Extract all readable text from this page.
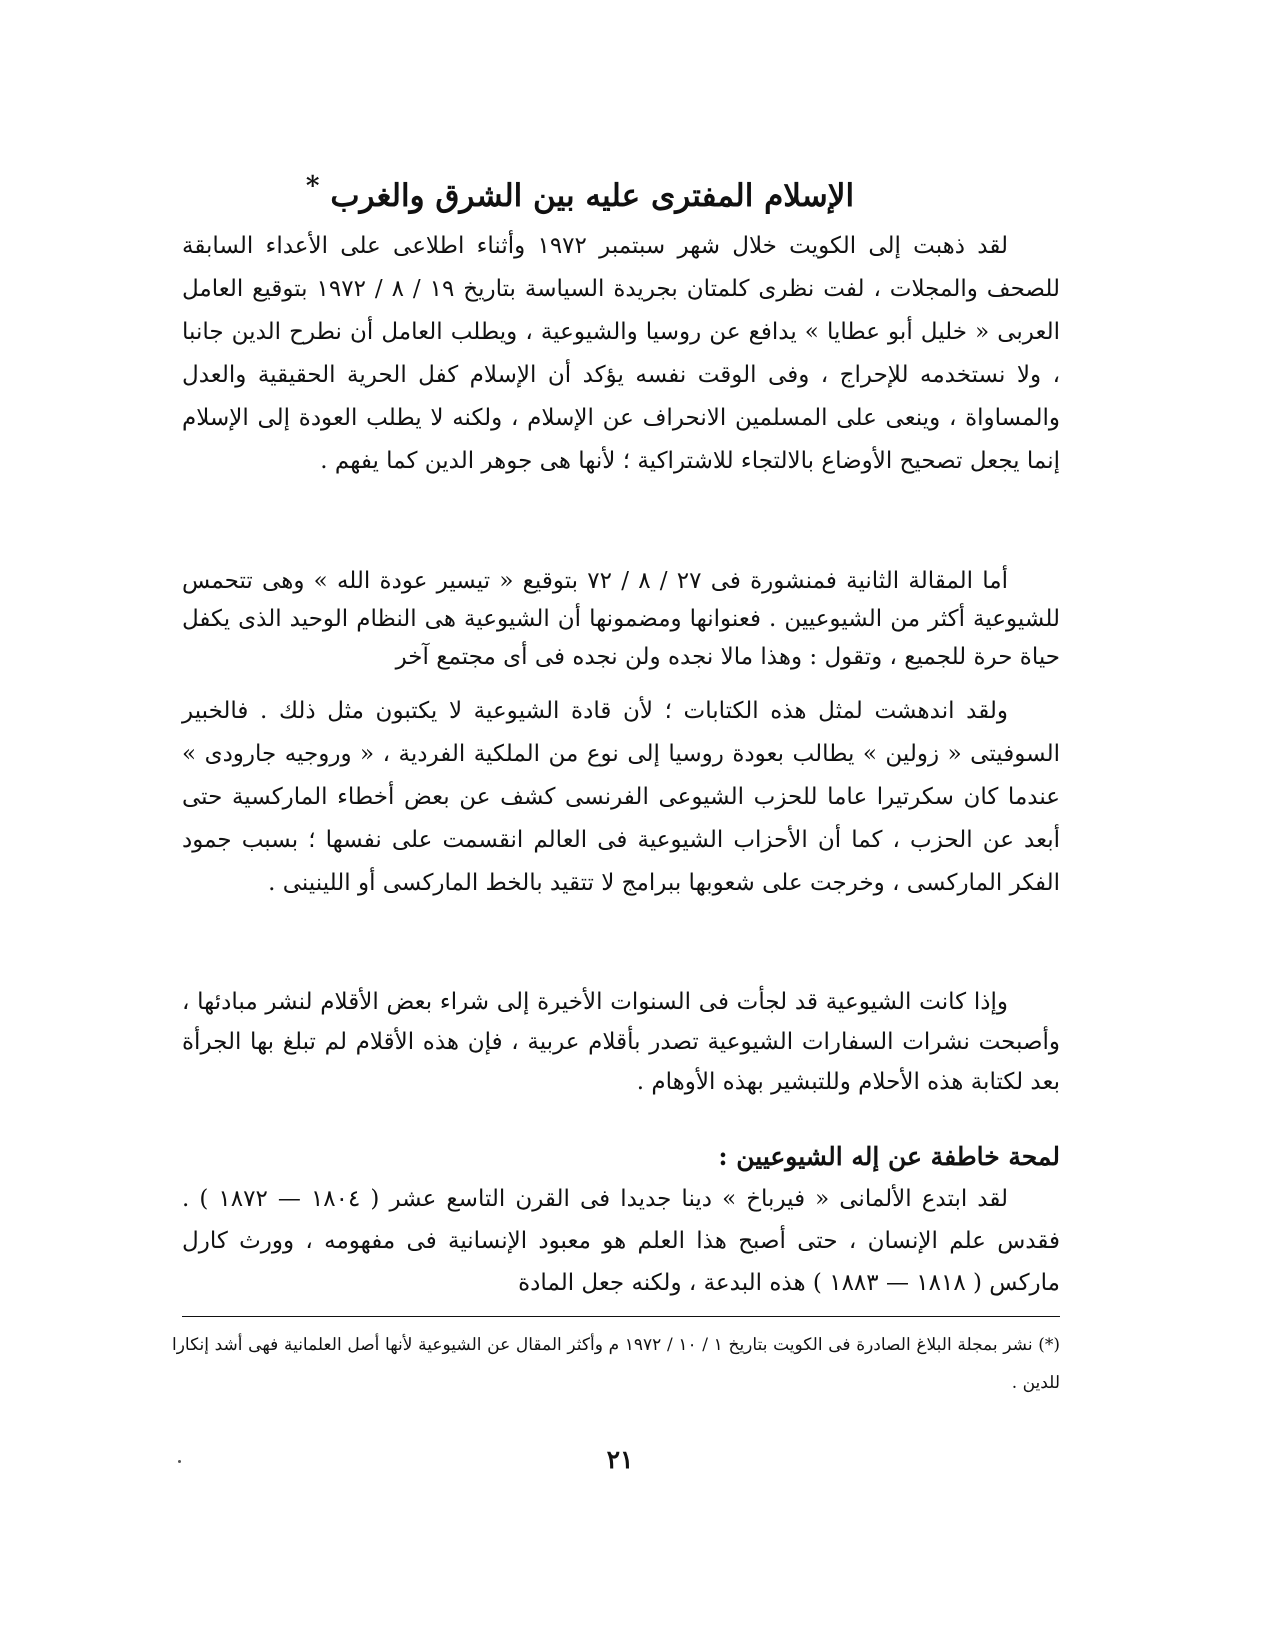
الإسلام المفترى عليه بين الشرق والغرب *

لقد ذهبت إلى الكويت خلال شهر سبتمبر ١٩٧٢ وأثناء اطلاعى على الأعداء السابقة للصحف والمجلات ، لفت نظرى كلمتان بجريدة السياسة بتاريخ ١٩ / ٨ / ١٩٧٢ بتوقيع العامل العربى « خليل أبو عطايا » يدافع عن روسيا والشيوعية ، ويطلب العامل أن نطرح الدين جانبا ، ولا نستخدمه للإحراج ، وفى الوقت نفسه يؤكد أن الإسلام كفل الحرية الحقيقية والعدل والمساواة ، وينعى على المسلمين الانحراف عن الإسلام ، ولكنه لا يطلب العودة إلى الإسلام إنما يجعل تصحيح الأوضاع بالالتجاء للاشتراكية ؛ لأنها هى جوهر الدين كما يفهم .

أما المقالة الثانية فمنشورة فى ٢٧ / ٨ / ٧٢ بتوقيع « تيسير عودة الله » وهى تتحمس للشيوعية أكثر من الشيوعيين . فعنوانها ومضمونها أن الشيوعية هى النظام الوحيد الذى يكفل حياة حرة للجميع ، وتقول : وهذا مالا نجده ولن نجده فى أى مجتمع آخر

ولقد اندهشت لمثل هذه الكتابات ؛ لأن قادة الشيوعية لا يكتبون مثل ذلك . فالخبير السوفيتى « زولين » يطالب بعودة روسيا إلى نوع من الملكية الفردية ، « وروجيه جارودى » عندما كان سكرتيرا عاما للحزب الشيوعى الفرنسى كشف عن بعض أخطاء الماركسية حتى أبعد عن الحزب ، كما أن الأحزاب الشيوعية فى العالم انقسمت على نفسها ؛ بسبب جمود الفكر الماركسى ، وخرجت على شعوبها ببرامج لا تتقيد بالخط الماركسى أو اللينينى .

وإذا كانت الشيوعية قد لجأت فى السنوات الأخيرة إلى شراء بعض الأقلام لنشر مبادئها ، وأصبحت نشرات السفارات الشيوعية تصدر بأقلام عربية ، فإن هذه الأقلام لم تبلغ بها الجرأة بعد لكتابة هذه الأحلام وللتبشير بهذه الأوهام .

لمحة خاطفة عن إله الشيوعيين :

لقد ابتدع الألمانى « فيرباخ » دينا جديدا فى القرن التاسع عشر ( ١٨٠٤ — ١٨٧٢ ) . فقدس علم الإنسان ، حتى أصبح هذا العلم هو معبود الإنسانية فى مفهومه ، وورث كارل ماركس ( ١٨١٨ — ١٨٨٣ ) هذه البدعة ، ولكنه جعل المادة

(*) نشر بمجلة البلاغ الصادرة فى الكويت بتاريخ ١ / ١٠ / ١٩٧٢ م وأكثر المقال عن الشيوعية لأنها أصل العلمانية فهى أشد إنكارا للدين .

٢١
